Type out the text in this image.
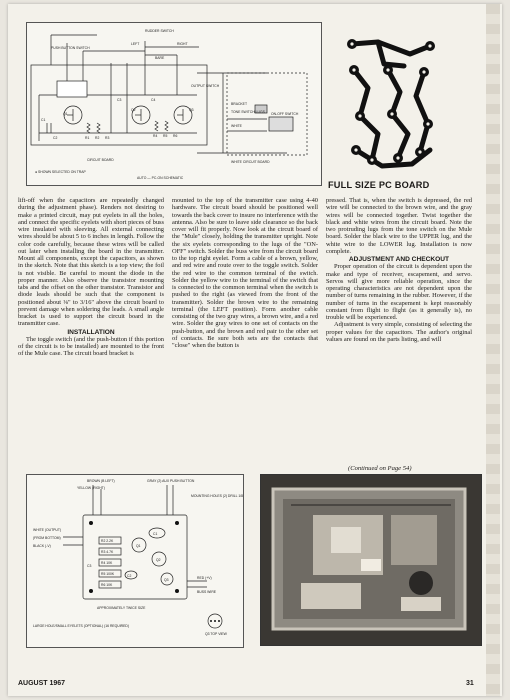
RUDDER SWITCH
PUSH BUTTON SWITCH
LEFT	RIGHT
BARE
BRACKET
TONE SWITCH LUGS ON-OFF SWITCH
WHITE
CIRCUIT BOARD	WHITE CIRCUIT BOARD
● SHOWN SELECTED ON TRAP
AUTO — PC-ON SCHEMATIC
OUTPUT SWITCH
Q1
Q2	Q3
C1
C2
C3	C4
R1 R2 R3	R4 R5 R6
FULL SIZE PC BOARD

lift-off when the capacitors are repeatedly changed during the adjustment phase). Renders not desiring to make a printed circuit, may put eyelets in all the holes, and connect the specific eyelets with short pieces of buss wire insulated with sleeving. All external connecting wires should be about 5 to 6 inches in length. Follow the color code carefully, because these wires will be called out later when installing the board in the transmitter. Mount all components, except the capacitors, as shown in the sketch. Note that this sketch is a top view; the foil is not visible. Be careful to mount the diode in the proper manner. Also observe the transistor mounting tabs and the offset on the other transistor. Transistor and diode leads should be such that the component is positioned about ⅛" to 3/16" above the circuit board to prevent damage when soldering the leads. A small angle bracket is used to support the circuit board in the transmitter case.

INSTALLATION

The toggle switch (and the push-button if this portion of the circuit is to be installed) are mounted to the front of the Mule case. The circuit board bracket is

mounted to the top of the transmitter case using 4-40 hardware. The circuit board should be positioned well towards the back cover to insure no interference with the antenna. Also be sure to leave side clearance so the back cover will fit properly. Now look at the circuit board of the "Mule" closely, holding the transmitter upright. Note the six eyelets corresponding to the lugs of the "ON-OFF" switch. Solder the buss wire from the circuit board to the top right eyelet. Form a cable of a brown, yellow, and red wire and route over to the toggle switch. Solder the red wire to the common terminal of the switch. Solder the yellow wire to the terminal of the switch that is connected to the common terminal when the switch is pushed to the right (as viewed from the front of the transmitter). Solder the brown wire to the remaining terminal (the LEFT position). Form another cable consisting of the two gray wires, a brown wire, and a red wire. Solder the gray wires to one set of contacts on the push-button, and the brown and red pair to the other set of contacts. Be sure both sets are the contacts that "close" when the button is

pressed. That is, when the switch is depressed, the red wire will be connected to the brown wire, and the gray wires will be connected together. Twist together the black and white wires from the circuit board. Note the two protruding lugs from the tone switch on the Mule board. Solder the black wire to the UPPER lug, and the white wire to the LOWER lug. Installation is now complete.

ADJUSTMENT AND CHECKOUT

Proper operation of the circuit is dependent upon the make and type of receiver, escapement, and servo. Servos will give more reliable operation, since the operating characteristics are not dependent upon the number of turns remaining in the rubber. However, if the number of turns in the escapement is kept reasonably constant from flight to flight (as it generally is), no trouble will be experienced.

Adjustment is very simple, consisting of selecting the proper values for the capacitors. The author's original values are found on the parts listing, and will

(Continued on Page 54)
BROWN (B LEFT)
YELLOW (RIGHT)
GRAY (2) AUX PUSH BUTTON
MOUNTING HOLES (2) DRILL 1/8
WHITE (OUTPUT)
(FROM BOTTOM)
BLACK (-V)
RED (+V)
BUSS WIRE
APPROXIMATELY TWICE SIZE
LARGE HOLE/SMALL EYELETS (OPTIONAL) (16 REQUIRED)
Q3 TOP VIEW
R2 2.2K
R3 4.7K
R4 10K
R5 100K
R6 10K
C1
C2
C3
Q1
Q2
Q3
AUGUST 1967	31
